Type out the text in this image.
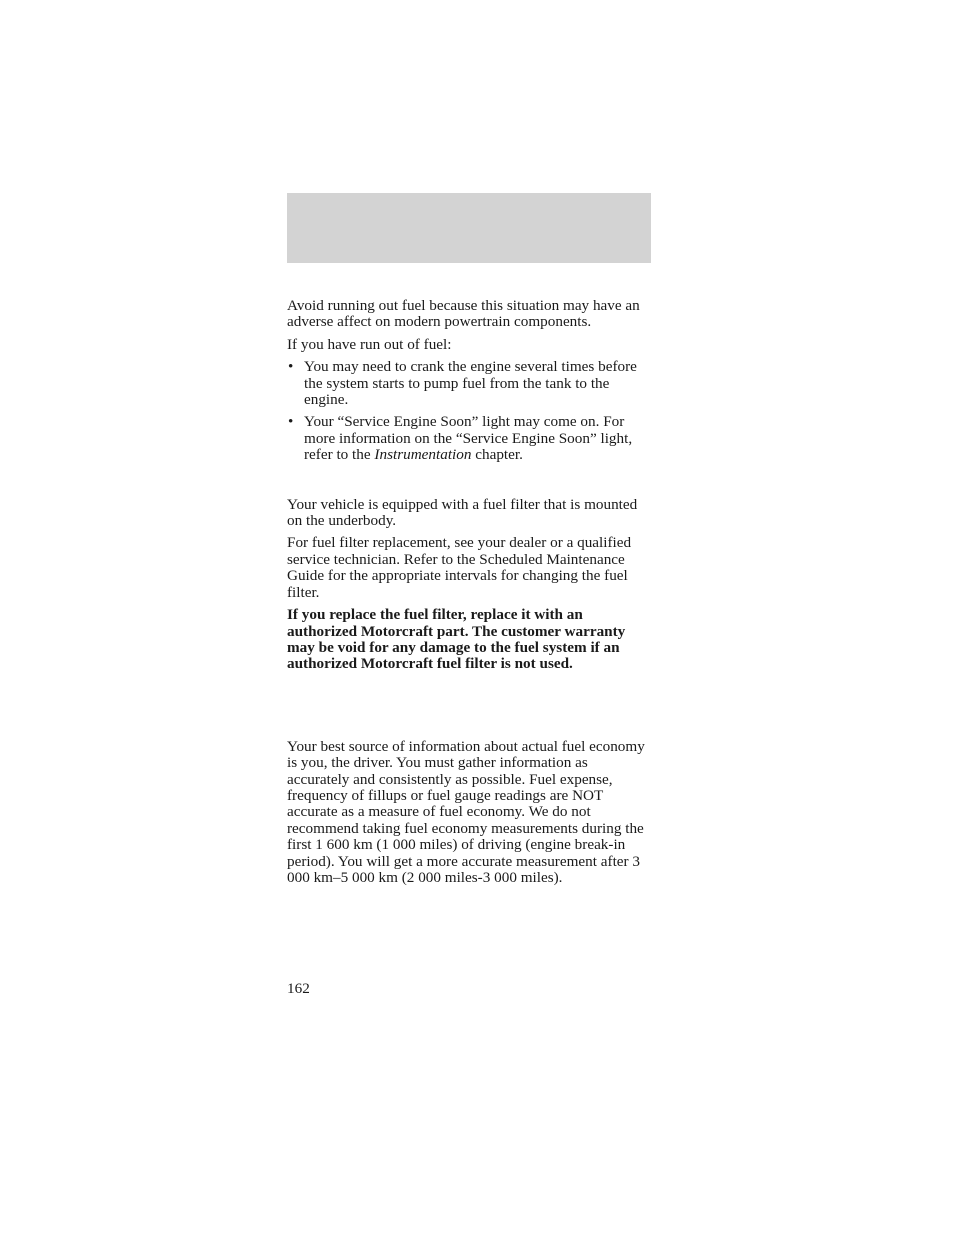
Avoid running out fuel because this situation may have an adverse affect on modern powertrain components.

If you have run out of fuel:

• You may need to crank the engine several times before the system starts to pump fuel from the tank to the engine.
• Your “Service Engine Soon” light may come on. For more information on the “Service Engine Soon” light, refer to the Instrumentation chapter.

Your vehicle is equipped with a fuel filter that is mounted on the underbody.

For fuel filter replacement, see your dealer or a qualified service technician. Refer to the Scheduled Maintenance Guide for the appropriate intervals for changing the fuel filter.

If you replace the fuel filter, replace it with an authorized Motorcraft part. The customer warranty may be void for any damage to the fuel system if an authorized Motorcraft fuel filter is not used.

Your best source of information about actual fuel economy is you, the driver. You must gather information as accurately and consistently as possible. Fuel expense, frequency of fillups or fuel gauge readings are NOT accurate as a measure of fuel economy. We do not recommend taking fuel economy measurements during the first 1 600 km (1 000 miles) of driving (engine break-in period). You will get a more accurate measurement after 3 000 km–5 000 km (2 000 miles-3 000 miles).

162
